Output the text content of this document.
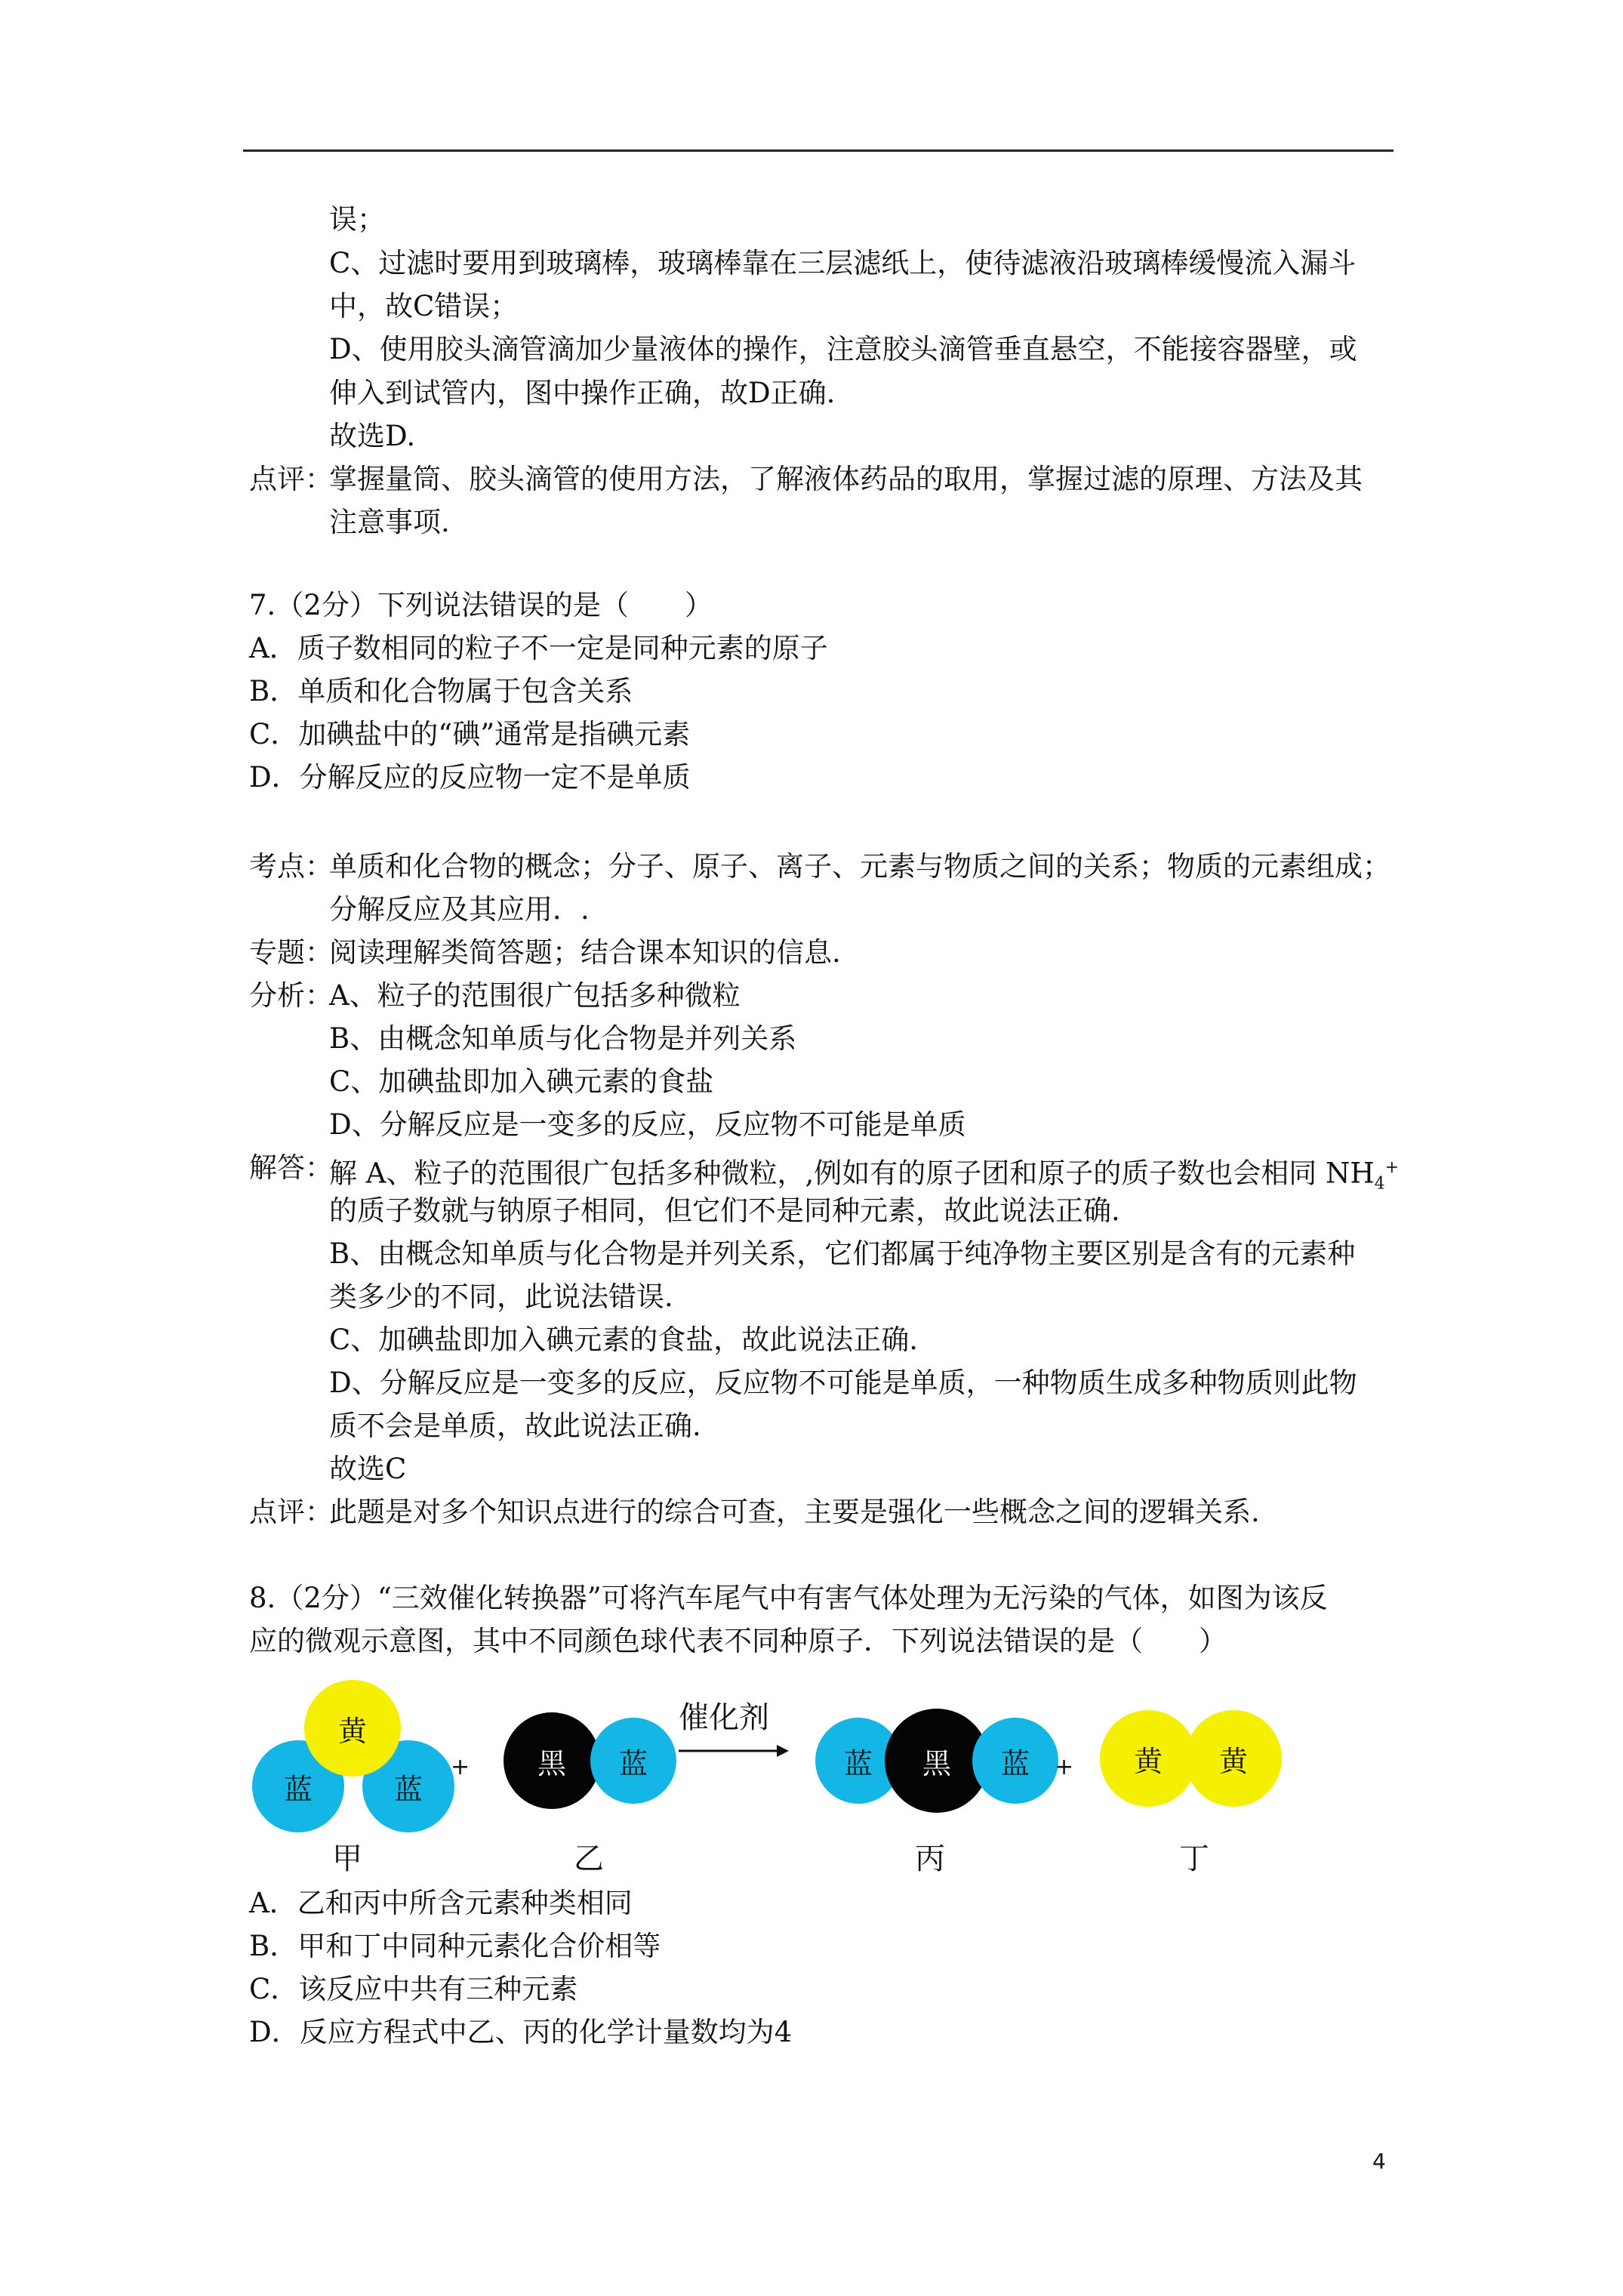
误；
C、过滤时要用到玻璃棒，玻璃棒靠在三层滤纸上，使待滤液沿玻璃棒缓慢流入漏斗
中，故C错误；
D、使用胶头滴管滴加少量液体的操作，注意胶头滴管垂直悬空，不能接容器壁，或
伸入到试管内，图中操作正确，故D正确.
故选D.
点评：
掌握量筒、胶头滴管的使用方法，了解液体药品的取用，掌握过滤的原理、方法及其
注意事项.
7.（2分）下列说法错误的是（　　）
A．质子数相同的粒子不一定是同种元素的原子
B．单质和化合物属于包含关系
C．加碘盐中的“碘”通常是指碘元素
D．分解反应的反应物一定不是单质
考点：
单质和化合物的概念；分子、原子、离子、元素与物质之间的关系；物质的元素组成；
分解反应及其应用．.
专题：
阅读理解类简答题；结合课本知识的信息.
分析：
A、粒子的范围很广包括多种微粒
B、由概念知单质与化合物是并列关系
C、加碘盐即加入碘元素的食盐
D、分解反应是一变多的反应，反应物不可能是单质
解答：
解 A、粒子的范围很广包括多种微粒，,例如有的原子团和原子的质子数也会相同 $NH_4^+$
的质子数就与钠原子相同，但它们不是同种元素，故此说法正确.
B、由概念知单质与化合物是并列关系，它们都属于纯净物主要区别是含有的元素种
类多少的不同，此说法错误.
C、加碘盐即加入碘元素的食盐，故此说法正确.
D、分解反应是一变多的反应，反应物不可能是单质，一种物质生成多种物质则此物
质不会是单质，故此说法正确.
故选C
点评：
此题是对多个知识点进行的综合可查，主要是强化一些概念之间的逻辑关系.
8.（2分）“三效催化转换器”可将汽车尾气中有害气体处理为无污染的气体，如图为该反
应的微观示意图，其中不同颜色球代表不同种原子．下列说法错误的是（　　）
蓝	蓝
黄
+	黑	蓝
催化剂
蓝	黑	蓝	+	黄	黄
甲	乙	丙	丁
A．乙和丙中所含元素种类相同
B．甲和丁中同种元素化合价相等
C．该反应中共有三种元素
D．反应方程式中乙、丙的化学计量数均为4
4
